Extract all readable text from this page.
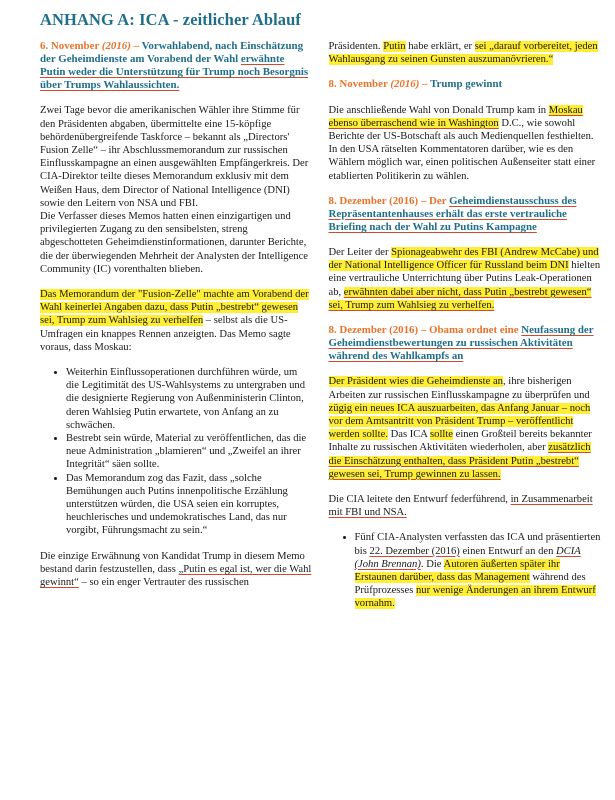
ANHANG A: ICA - zeitlicher Ablauf
6. November (2016) – Vorwahlabend, nach Einschätzung der Geheimdienste am Vorabend der Wahl erwähnte Putin weder die Unterstützung für Trump noch Besorgnis über Trumps Wahlaussichten.

Zwei Tage bevor die amerikanischen Wähler ihre Stimme für den Präsidenten abgaben, übermittelte eine 15-köpfige behördenübergreifende Taskforce – bekannt als „Directors' Fusion Zelle“ – ihr Abschlussmemorandum zur russischen Einflusskampagne an einen ausgewählten Empfängerkreis. Der CIA-Direktor teilte dieses Memorandum exklusiv mit dem Weißen Haus, dem Director of National Intelligence (DNI) sowie den Leitern von NSA und FBI.

Die Verfasser dieses Memos hatten einen einzigartigen und privilegierten Zugang zu den sensibelsten, streng abgeschotteten Geheimdienstinformationen, darunter Berichte, die der überwiegenden Mehrheit der Analysten der Intelligence Community (IC) vorenthalten blieben.

Das Memorandum der "Fusion-Zelle" machte am Vorabend der Wahl keinerlei Angaben dazu, dass Putin „bestrebt“ gewesen sei, Trump zum Wahlsieg zu verhelfen – selbst als die US-Umfragen ein knappes Rennen anzeigten. Das Memo sagte voraus, dass Moskau:

• Weiterhin Einflussoperationen durchführen würde, um die Legitimität des US-Wahlsystems zu untergraben und die designierte Regierung von Außenministerin Clinton, deren Wahlsieg Putin erwartete, von Anfang an zu schwächen.
• Bestrebt sein würde, Material zu veröffentlichen, das die neue Administration „blamieren“ und „Zweifel an ihrer Integrität“ säen sollte.
• Das Memorandum zog das Fazit, dass „solche Bemühungen auch Putins innenpolitische Erzählung unterstützen würden, die USA seien ein korruptes, heuchlerisches und undemokratisches Land, das nur vorgibt, Führungsmacht zu sein.“

Die einzige Erwähnung von Kandidat Trump in diesem Memo bestand darin festzustellen, dass „Putin es egal ist, wer die Wahl gewinnt“ – so ein enger Vertrauter des russischen

Präsidenten. Putin habe erklärt, er sei „darauf vorbereitet, jeden Wahlausgang zu seinen Gunsten auszumanövrieren.“

8. November (2016) – Trump gewinnt

Die anschließende Wahl von Donald Trump kam in Moskau ebenso überraschend wie in Washington D.C., wie sowohl Berichte der US-Botschaft als auch Medienquellen festhielten. In den USA rätselten Kommentatoren darüber, wie es den Wählern möglich war, einen politischen Außenseiter statt einer etablierten Politikerin zu wählen.

8. Dezember (2016) – Der Geheimdienstausschuss des Repräsentantenhauses erhält das erste vertrauliche Briefing nach der Wahl zu Putins Kampagne

Der Leiter der Spionageabwehr des FBI (Andrew McCabe) und der National Intelligence Officer für Russland beim DNI hielten eine vertrauliche Unterrichtung über Putins Leak-Operationen ab, erwähnten dabei aber nicht, dass Putin „bestrebt gewesen“ sei, Trump zum Wahlsieg zu verhelfen.

8. Dezember (2016) – Obama ordnet eine Neufassung der Geheimdienstbewertungen zu russischen Aktivitäten während des Wahlkampfs an

Der Präsident wies die Geheimdienste an, ihre bisherigen Arbeiten zur russischen Einflusskampagne zu überprüfen und zügig ein neues ICA auszuarbeiten, das Anfang Januar – noch vor dem Amtsantritt von Präsident Trump – veröffentlicht werden sollte. Das ICA sollte einen Großteil bereits bekannter Inhalte zu russischen Aktivitäten wiederholen, aber zusätzlich die Einschätzung enthalten, dass Präsident Putin „bestrebt“ gewesen sei, Trump gewinnen zu lassen.

Die CIA leitete den Entwurf federführend, in Zusammenarbeit mit FBI und NSA.

• Fünf CIA-Analysten verfassten das ICA und präsentierten bis 22. Dezember (2016) einen Entwurf an den DCIA (John Brennan). Die Autoren äußerten später ihr Erstaunen darüber, dass das Management während des Prüfprozesses nur wenige Änderungen an ihrem Entwurf vornahm.
